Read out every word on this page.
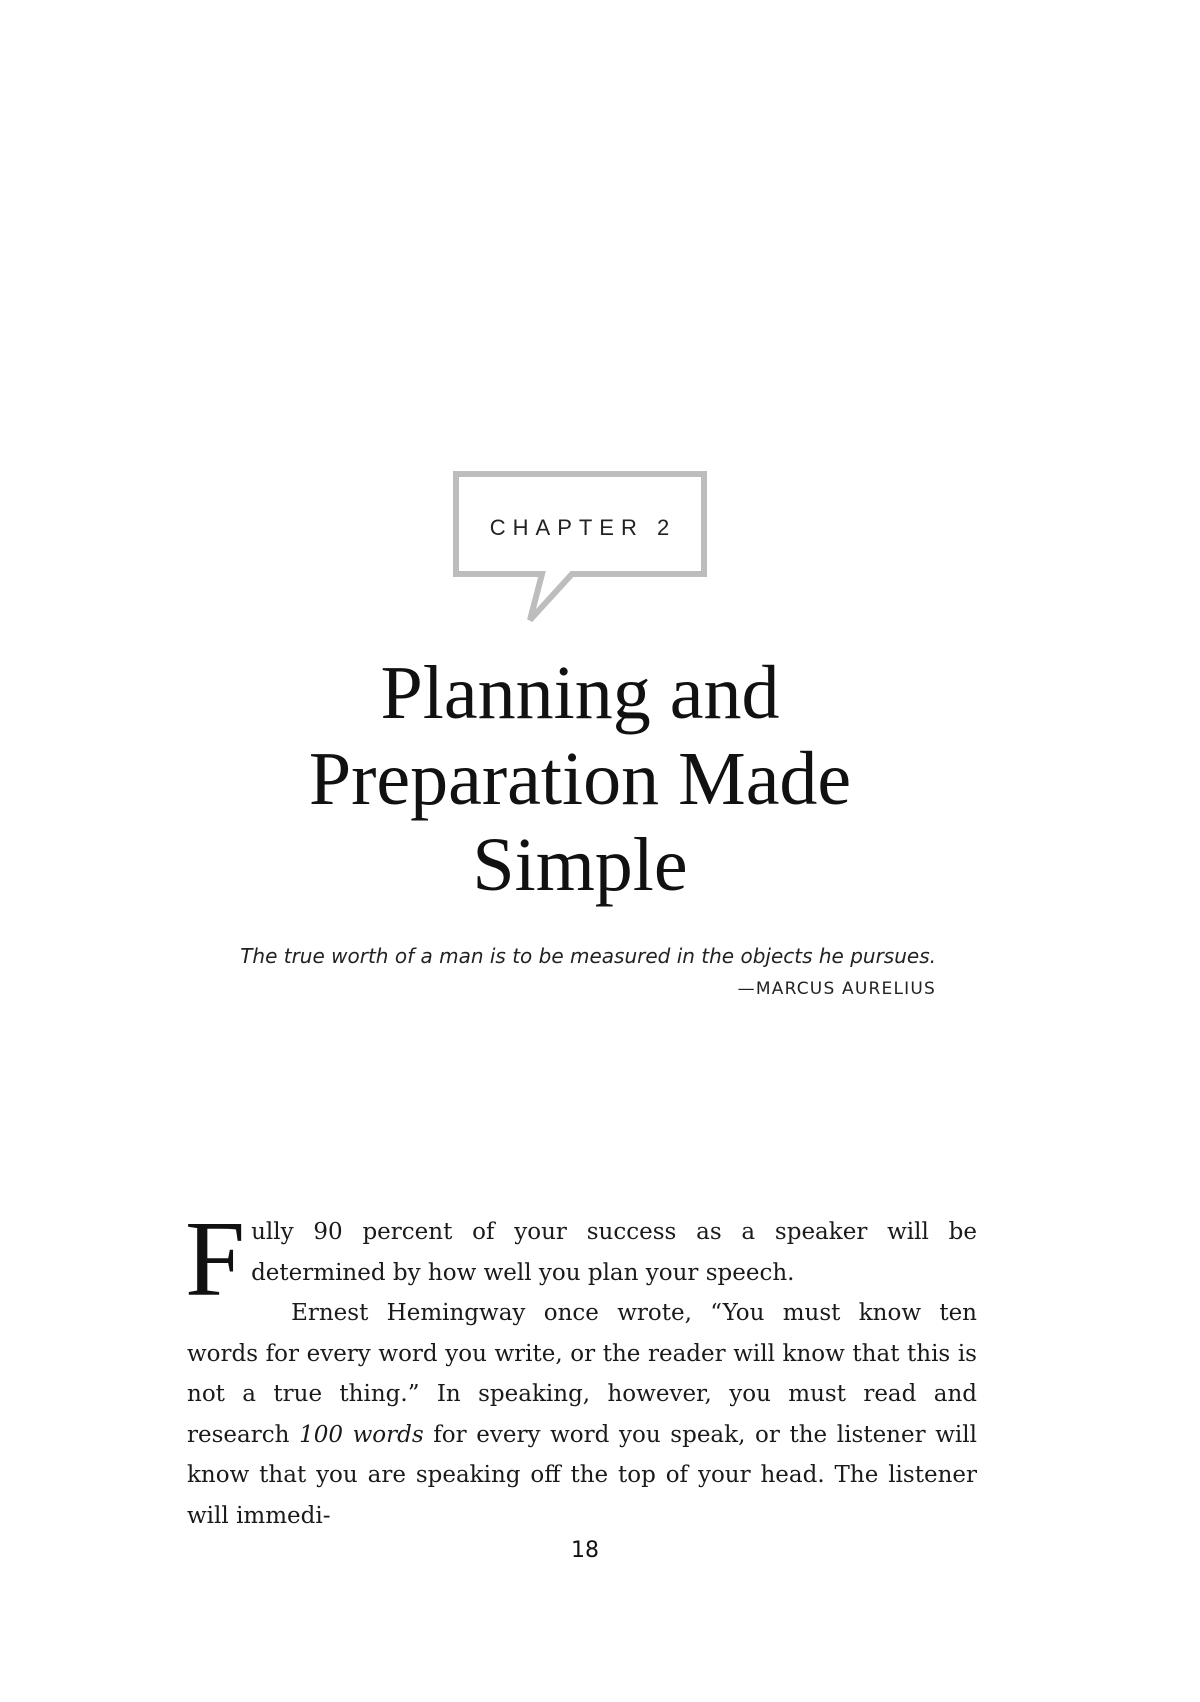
CHAPTER 2
Planning and
Preparation Made
Simple

The true worth of a man is to be measured in the objects he pursues.

—MARCUS AURELIUS

Fully 90 percent of your success as a speaker will be determined by how well you plan your speech.

Ernest Hemingway once wrote, “You must know ten words for every word you write, or the reader will know that this is not a true thing.” In speaking, however, you must read and research 100 words for every word you speak, or the listener will know that you are speaking off the top of your head. The listener will immedi-

18
